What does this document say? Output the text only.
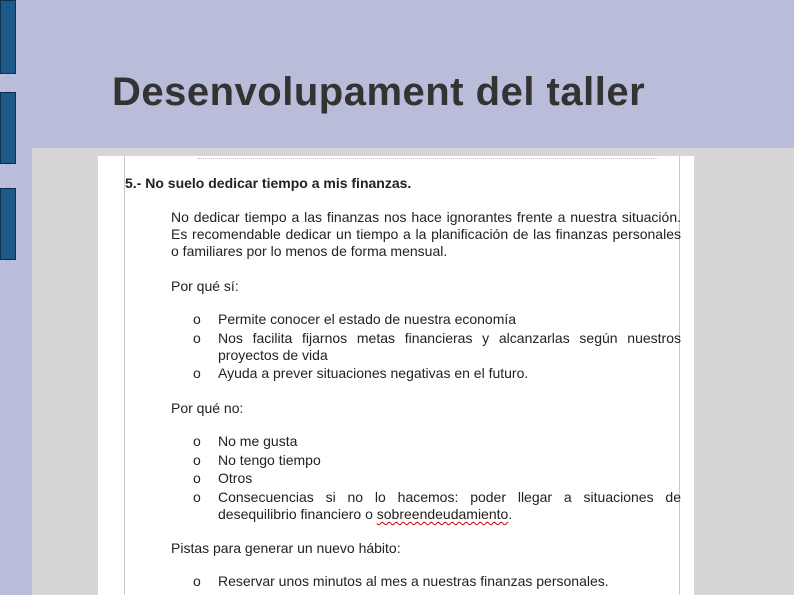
Desenvolupament del taller
5.- No suelo dedicar tiempo a mis finanzas.
No dedicar tiempo a las finanzas nos hace ignorantes frente a nuestra situación. Es recomendable dedicar un tiempo a la planificación de las finanzas personales o familiares por lo menos de forma mensual.
Por qué sí:
o Permite conocer el estado de nuestra economía
o Nos facilita fijarnos metas financieras y alcanzarlas según nuestros proyectos de vida
o Ayuda a prever situaciones negativas en el futuro.
Por qué no:
o No me gusta
o No tengo tiempo
o Otros
o Consecuencias si no lo hacemos: poder llegar a situaciones de desequilibrio financiero o sobreendeudamiento.
Pistas para generar un nuevo hábito:
o Reservar unos minutos al mes a nuestras finanzas personales.
